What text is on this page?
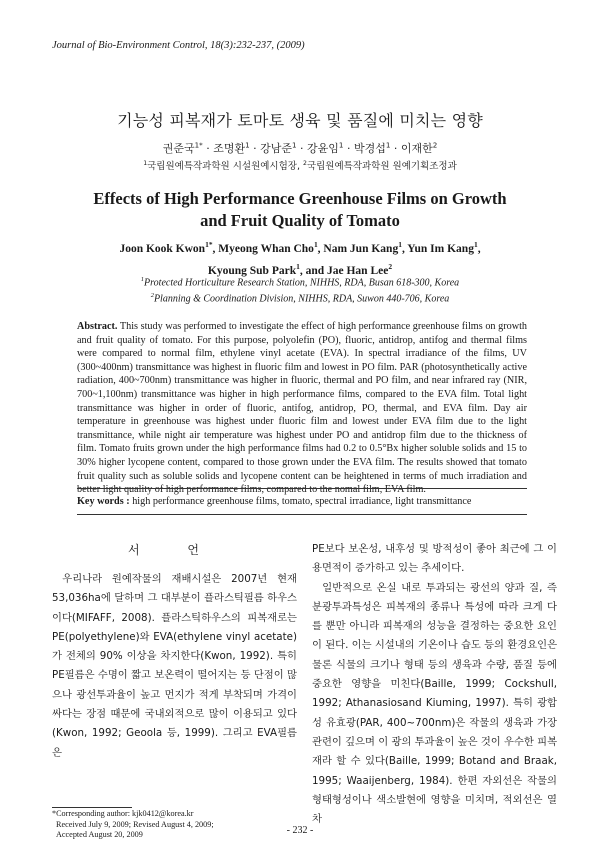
Journal of Bio-Environment Control, 18(3):232-237, (2009)
기능성 피복재가 토마토 생육 및 품질에 미치는 영향
권준국$^{1*}$ · 조명환$^1$ · 강남준$^1$ · 강윤임$^1$ · 박경섭$^1$ · 이재한$^2$
$^1$국립원예특작과학원 시설원예시험장, $^2$국립원예특작과학원 원예기획조정과
Effects of High Performance Greenhouse Films on Growth
and Fruit Quality of Tomato
Joon Kook Kwon$^{1*}$, Myeong Whan Cho$^1$, Nam Jun Kang$^1$, Yun Im Kang$^1$,
Kyoung Sub Park$^1$, and Jae Han Lee$^2$
$^1$Protected Horticulture Research Station, NIHHS, RDA, Busan 618-300, Korea
$^2$Planning & Coordination Division, NIHHS, RDA, Suwon 440-706, Korea
Abstract. This study was performed to investigate the effect of high performance greenhouse films on growth and fruit quality of tomato. For this purpose, polyolefin (PO), fluoric, antidrop, antifog and thermal films were compared to normal film, ethylene vinyl acetate (EVA). In spectral irradiance of the films, UV (300~400nm) transmittance was highest in fluoric film and lowest in PO film. PAR (photosynthetically active radiation, 400~700nm) transmittance was higher in fluoric, thermal and PO film, and near infrared ray (NIR, 700~1,100nm) transmittance was higher in high performance films, compared to the EVA film. Total light transmittance was higher in order of fluoric, antifog, antidrop, PO, thermal, and EVA film. Day air temperature in greenhouse was highest under fluoric film and lowest under EVA film due to the light transmittance, while night air temperature was highest under PO and antidrop film due to the thickness of film. Tomato fruits grown under the high performance films had 0.2 to 0.5°Bx higher soluble solids and 15 to 30% higher lycopene content, compared to those grown under the EVA film. The results showed that tomato fruit quality such as soluble solids and lycopene content can be heightened in terms of much irradiation and better light quality of high performance films, compared to the nomal film, EVA film.
Key words : high performance greenhouse films, tomato, spectral irradiance, light transmittance
서 언
우리나라 원예작물의 재배시설은 2007년 현재 53,036ha에 달하며 그 대부분이 플라스틱필름 하우스이다(MIFAFF, 2008). 플라스틱하우스의 피복재로는 PE(polyethylene)와 EVA(ethylene vinyl acetate)가 전체의 90% 이상을 차지한다(Kwon, 1992). 특히 PE필름은 수명이 짧고 보온력이 떨어지는 등 단점이 많으나 광선투과율이 높고 먼지가 적게 부착되며 가격이 싸다는 장점 때문에 국내외적으로 많이 이용되고 있다(Kwon, 1992; Geoola 등, 1999). 그리고 EVA필름은
PE보다 보온성, 내후성 및 방적성이 좋아 최근에 그 이용면적이 증가하고 있는 추세이다.
일반적으로 온실 내로 투과되는 광선의 양과 질, 즉 분광투과특성은 피복재의 종류나 특성에 따라 크게 다를 뿐만 아니라 피복재의 성능을 결정하는 중요한 요인이 된다. 이는 시설내의 기온이나 습도 등의 환경요인은 물론 식물의 크기나 형태 등의 생육과 수량, 품질 등에 중요한 영향을 미친다(Baille, 1999; Cockshull, 1992; Athanasiosand Kiuming, 1997). 특히 광합성 유효광(PAR, 400~700nm)은 작물의 생육과 가장 관련이 깊으며 이 광의 투과율이 높은 것이 우수한 피복재라 할 수 있다(Baille, 1999; Botand and Braak, 1995; Waaijenberg, 1984). 한편 자외선은 작물의 형태형성이나 색소발현에 영향을 미치며, 적외선은 열 차
*Corresponding author: kjk0412@korea.kr
Received July 9, 2009; Revised August 4, 2009;
Accepted August 20, 2009	- 232 -
